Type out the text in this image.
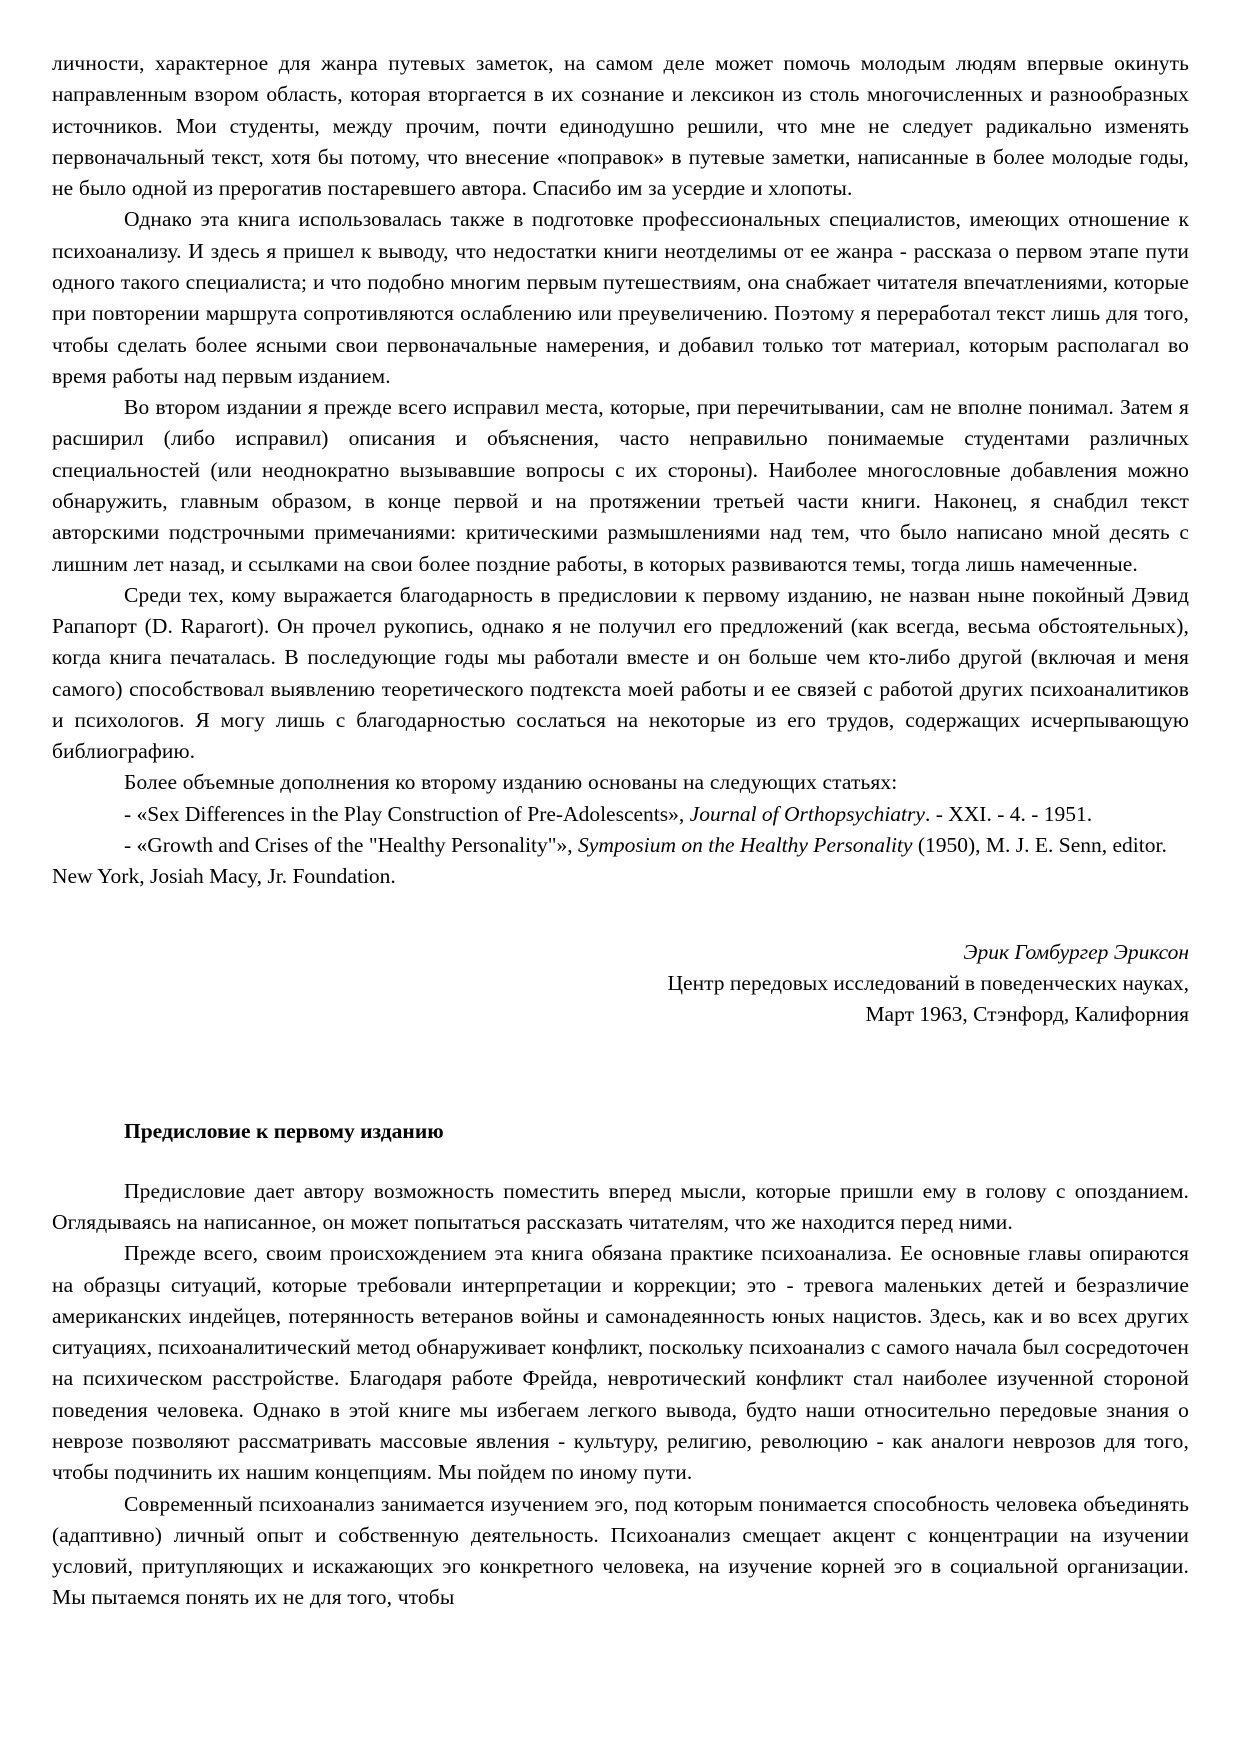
личности, характерное для жанра путевых заметок, на самом деле может помочь молодым людям впервые окинуть направленным взором область, которая вторгается в их сознание и лексикон из столь многочисленных и разнообразных источников. Мои студенты, между прочим, почти единодушно решили, что мне не следует радикально изменять первоначальный текст, хотя бы потому, что внесение «поправок» в путевые заметки, написанные в более молодые годы, не было одной из прерогатив постаревшего автора. Спасибо им за усердие и хлопоты.

Однако эта книга использовалась также в подготовке профессиональных специалистов, имеющих отношение к психоанализу. И здесь я пришел к выводу, что недостатки книги неотделимы от ее жанра - рассказа о первом этапе пути одного такого специалиста; и что подобно многим первым путешествиям, она снабжает читателя впечатлениями, которые при повторении маршрута сопротивляются ослаблению или преувеличению. Поэтому я переработал текст лишь для того, чтобы сделать более ясными свои первоначальные намерения, и добавил только тот материал, которым располагал во время работы над первым изданием.

Во втором издании я прежде всего исправил места, которые, при перечитывании, сам не вполне понимал. Затем я расширил (либо исправил) описания и объяснения, часто неправильно понимаемые студентами различных специальностей (или неоднократно вызывавшие вопросы с их стороны). Наиболее многословные добавления можно обнаружить, главным образом, в конце первой и на протяжении третьей части книги. Наконец, я снабдил текст авторскими подстрочными примечаниями: критическими размышлениями над тем, что было написано мной десять с лишним лет назад, и ссылками на свои более поздние работы, в которых развиваются темы, тогда лишь намеченные.

Среди тех, кому выражается благодарность в предисловии к первому изданию, не назван ныне покойный Дэвид Рапапорт (D. Raparort). Он прочел рукопись, однако я не получил его предложений (как всегда, весьма обстоятельных), когда книга печаталась. В последующие годы мы работали вместе и он больше чем кто-либо другой (включая и меня самого) способствовал выявлению теоретического подтекста моей работы и ее связей с работой других психоаналитиков и психологов. Я могу лишь с благодарностью сослаться на некоторые из его трудов, содержащих исчерпывающую библиографию.

Более объемные дополнения ко второму изданию основаны на следующих статьях:

- «Sex Differences in the Play Construction of Pre-Adolescents», Journal of Orthopsychiatry. - XXI. - 4. - 1951.

- «Growth and Crises of the "Healthy Personality"», Symposium on the Healthy Personality (1950), M. J. E. Senn, editor. New York, Josiah Macy, Jr. Foundation.

Эрик Гомбургер Эриксон
Центр передовых исследований в поведенческих науках,
Март 1963, Стэнфорд, Калифорния
Предисловие к первому изданию

Предисловие дает автору возможность поместить вперед мысли, которые пришли ему в голову с опозданием. Оглядываясь на написанное, он может попытаться рассказать читателям, что же находится перед ними.

Прежде всего, своим происхождением эта книга обязана практике психоанализа. Ее основные главы опираются на образцы ситуаций, которые требовали интерпретации и коррекции; это - тревога маленьких детей и безразличие американских индейцев, потерянность ветеранов войны и самонадеянность юных нацистов. Здесь, как и во всех других ситуациях, психоаналитический метод обнаруживает конфликт, поскольку психоанализ с самого начала был сосредоточен на психическом расстройстве. Благодаря работе Фрейда, невротический конфликт стал наиболее изученной стороной поведения человека. Однако в этой книге мы избегаем легкого вывода, будто наши относительно передовые знания о неврозе позволяют рассматривать массовые явления - культуру, религию, революцию - как аналоги неврозов для того, чтобы подчинить их нашим концепциям. Мы пойдем по иному пути.

Современный психоанализ занимается изучением эго, под которым понимается способность человека объединять (адаптивно) личный опыт и собственную деятельность. Психоанализ смещает акцент с концентрации на изучении условий, притупляющих и искажающих эго конкретного человека, на изучение корней эго в социальной организации. Мы пытаемся понять их не для того, чтобы
